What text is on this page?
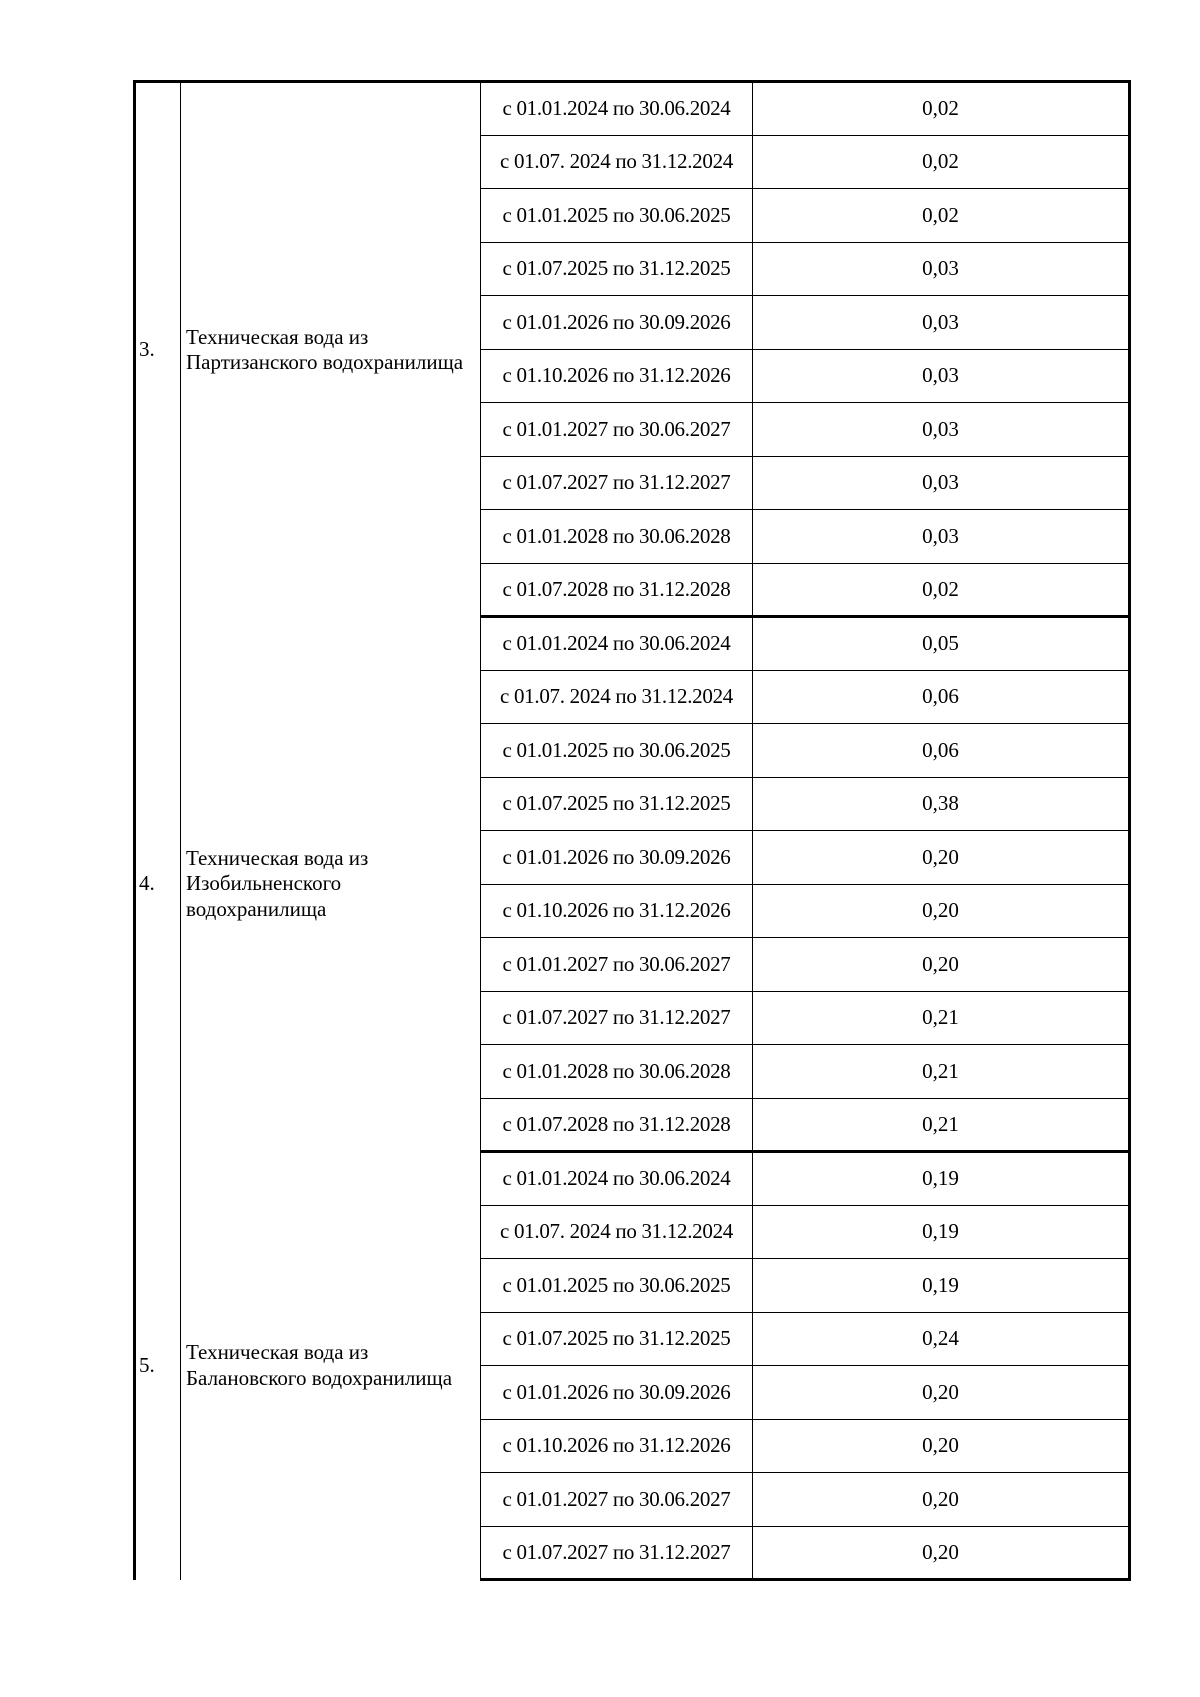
3.	Техническая вода из Партизанского водохранилища	с 01.01.2024 по 30.06.2024	0,02
		с 01.07. 2024 по 31.12.2024	0,02
		с 01.01.2025 по 30.06.2025	0,02
		с 01.07.2025 по 31.12.2025	0,03
		с 01.01.2026 по 30.09.2026	0,03
		с 01.10.2026 по 31.12.2026	0,03
		с 01.01.2027 по 30.06.2027	0,03
		с 01.07.2027 по 31.12.2027	0,03
		с 01.01.2028 по 30.06.2028	0,03
		с 01.07.2028 по 31.12.2028	0,02
4.	Техническая вода из Изобильненского водохранилища	с 01.01.2024 по 30.06.2024	0,05
		с 01.07. 2024 по 31.12.2024	0,06
		с 01.01.2025 по 30.06.2025	0,06
		с 01.07.2025 по 31.12.2025	0,38
		с 01.01.2026 по 30.09.2026	0,20
		с 01.10.2026 по 31.12.2026	0,20
		с 01.01.2027 по 30.06.2027	0,20
		с 01.07.2027 по 31.12.2027	0,21
		с 01.01.2028 по 30.06.2028	0,21
		с 01.07.2028 по 31.12.2028	0,21
5.	Техническая вода из Балановского водохранилища	с 01.01.2024 по 30.06.2024	0,19
		с 01.07. 2024 по 31.12.2024	0,19
		с 01.01.2025 по 30.06.2025	0,19
		с 01.07.2025 по 31.12.2025	0,24
		с 01.01.2026 по 30.09.2026	0,20
		с 01.10.2026 по 31.12.2026	0,20
		с 01.01.2027 по 30.06.2027	0,20
		с 01.07.2027 по 31.12.2027	0,20
